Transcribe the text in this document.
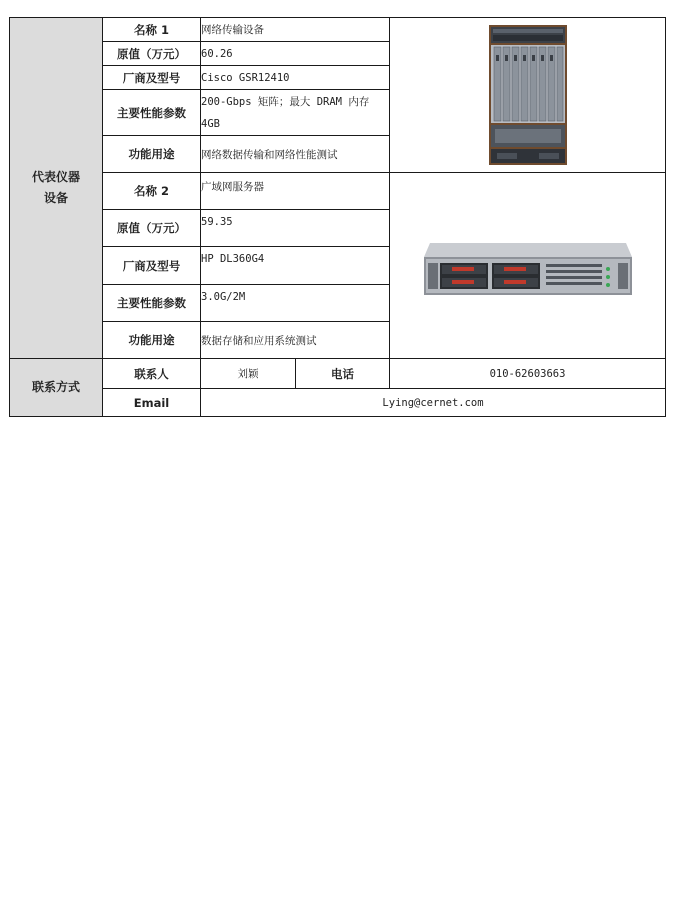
代表仪器设备	名称 1	网络传输设备	

	原值（万元）	60.26		
	厂商及型号	Cisco GSR12410		
	主要性能参数	200-Gbps 矩阵；最大 DRAM 内存 4GB		
	功能用途	网络数据传输和网络性能测试		
	名称 2	广域网服务器	

	原值（万元）	59.35		
	厂商及型号	HP DL360G4		
	主要性能参数	3.0G/2M		
	功能用途	数据存储和应用系统测试		
联系方式	联系人	刘颖	电话	010-62603663
	Email	Lying@cernet.com		
